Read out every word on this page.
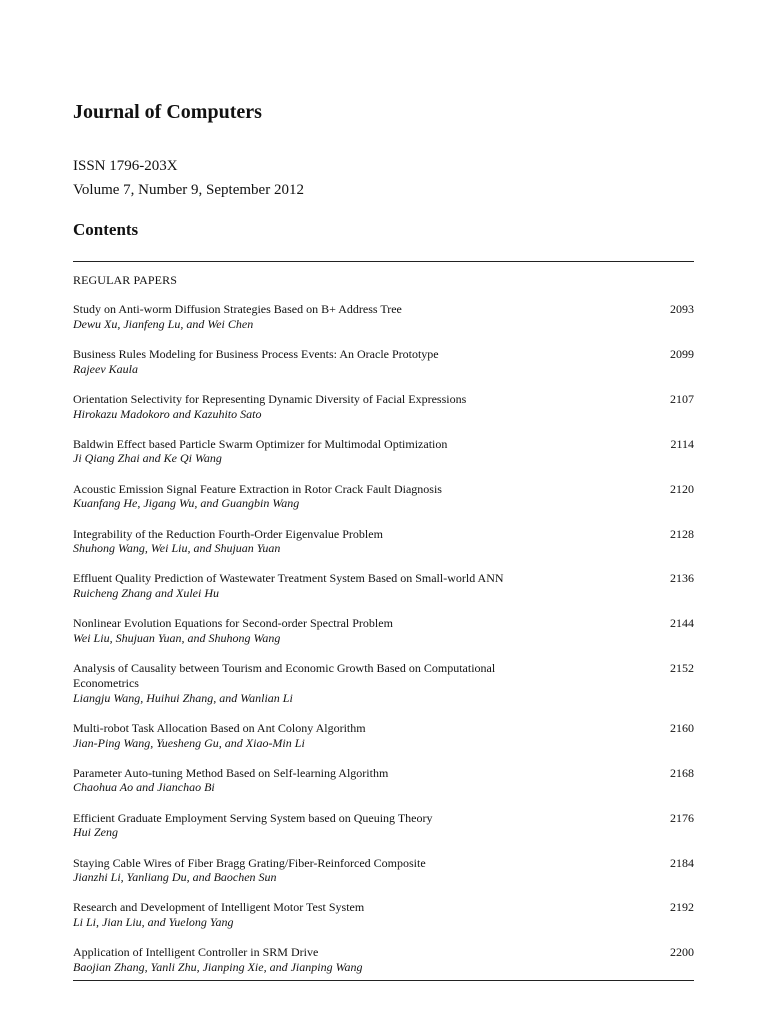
Journal of Computers
ISSN 1796-203X
Volume 7, Number 9, September 2012
Contents
REGULAR PAPERS
Study on Anti-worm Diffusion Strategies Based on B+ Address Tree
Dewu Xu, Jianfeng Lu, and Wei Chen
2093
Business Rules Modeling for Business Process Events: An Oracle Prototype
Rajeev Kaula
2099
Orientation Selectivity for Representing Dynamic Diversity of Facial Expressions
Hirokazu Madokoro and Kazuhito Sato
2107
Baldwin Effect based Particle Swarm Optimizer for Multimodal Optimization
Ji Qiang Zhai and Ke Qi Wang
2114
Acoustic Emission Signal Feature Extraction in Rotor Crack Fault Diagnosis
Kuanfang He, Jigang Wu, and Guangbin Wang
2120
Integrability of the Reduction Fourth-Order Eigenvalue Problem
Shuhong Wang, Wei Liu, and Shujuan Yuan
2128
Effluent Quality Prediction of Wastewater Treatment System Based on Small-world ANN
Ruicheng Zhang and Xulei Hu
2136
Nonlinear Evolution Equations for Second-order Spectral Problem
Wei Liu, Shujuan Yuan, and Shuhong Wang
2144
Analysis of Causality between Tourism and Economic Growth Based on Computational Econometrics
Liangju Wang, Huihui Zhang, and Wanlian Li
2152
Multi-robot Task Allocation Based on Ant Colony Algorithm
Jian-Ping Wang, Yuesheng Gu, and Xiao-Min Li
2160
Parameter Auto-tuning Method Based on Self-learning Algorithm
Chaohua Ao and Jianchao Bi
2168
Efficient Graduate Employment Serving System based on Queuing Theory
Hui Zeng
2176
Staying Cable Wires of Fiber Bragg Grating/Fiber-Reinforced Composite
Jianzhi Li, Yanliang Du, and Baochen Sun
2184
Research and Development of Intelligent Motor Test System
Li Li, Jian Liu, and Yuelong Yang
2192
Application of Intelligent Controller in SRM Drive
Baojian Zhang, Yanli Zhu, Jianping Xie, and Jianping Wang
2200
